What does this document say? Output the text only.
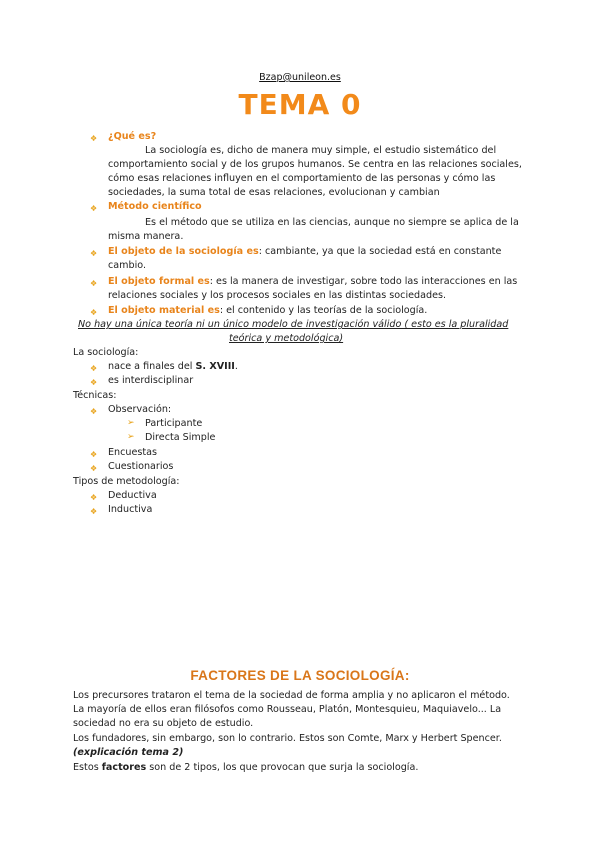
Bzap@unileon.es
TEMA 0
❖ ¿Qué es?
La sociología es, dicho de manera muy simple, el estudio sistemático del
comportamiento social y de los grupos humanos. Se centra en las relaciones sociales,
cómo esas relaciones influyen en el comportamiento de las personas y cómo las
sociedades, la suma total de esas relaciones, evolucionan y cambian
❖ Método científico
Es el método que se utiliza en las ciencias, aunque no siempre se aplica de la
misma manera.
❖ El objeto de la sociología es: cambiante, ya que la sociedad está en constante
cambio.
❖ El objeto formal es: es la manera de investigar, sobre todo las interacciones en las
relaciones sociales y los procesos sociales en las distintas sociedades.
❖ El objeto material es: el contenido y las teorías de la sociología.
No hay una única teoría ni un único modelo de investigación válido ( esto es la pluralidad
teórica y metodológica)
La sociología:
❖ nace a finales del S. XVIII.
❖ es interdisciplinar
Técnicas:
❖ Observación:
➢ Participante
➢ Directa Simple
❖ Encuestas
❖ Cuestionarios
Tipos de metodología:
❖ Deductiva
❖ Inductiva
FACTORES DE LA SOCIOLOGÍA:
Los precursores trataron el tema de la sociedad de forma amplia y no aplicaron el método.
La mayoría de ellos eran filósofos como Rousseau, Platón, Montesquieu, Maquiavelo... La
sociedad no era su objeto de estudio.
Los fundadores, sin embargo, son lo contrario. Estos son Comte, Marx y Herbert Spencer.
(explicación tema 2)
Estos factores son de 2 tipos, los que provocan que surja la sociología.
